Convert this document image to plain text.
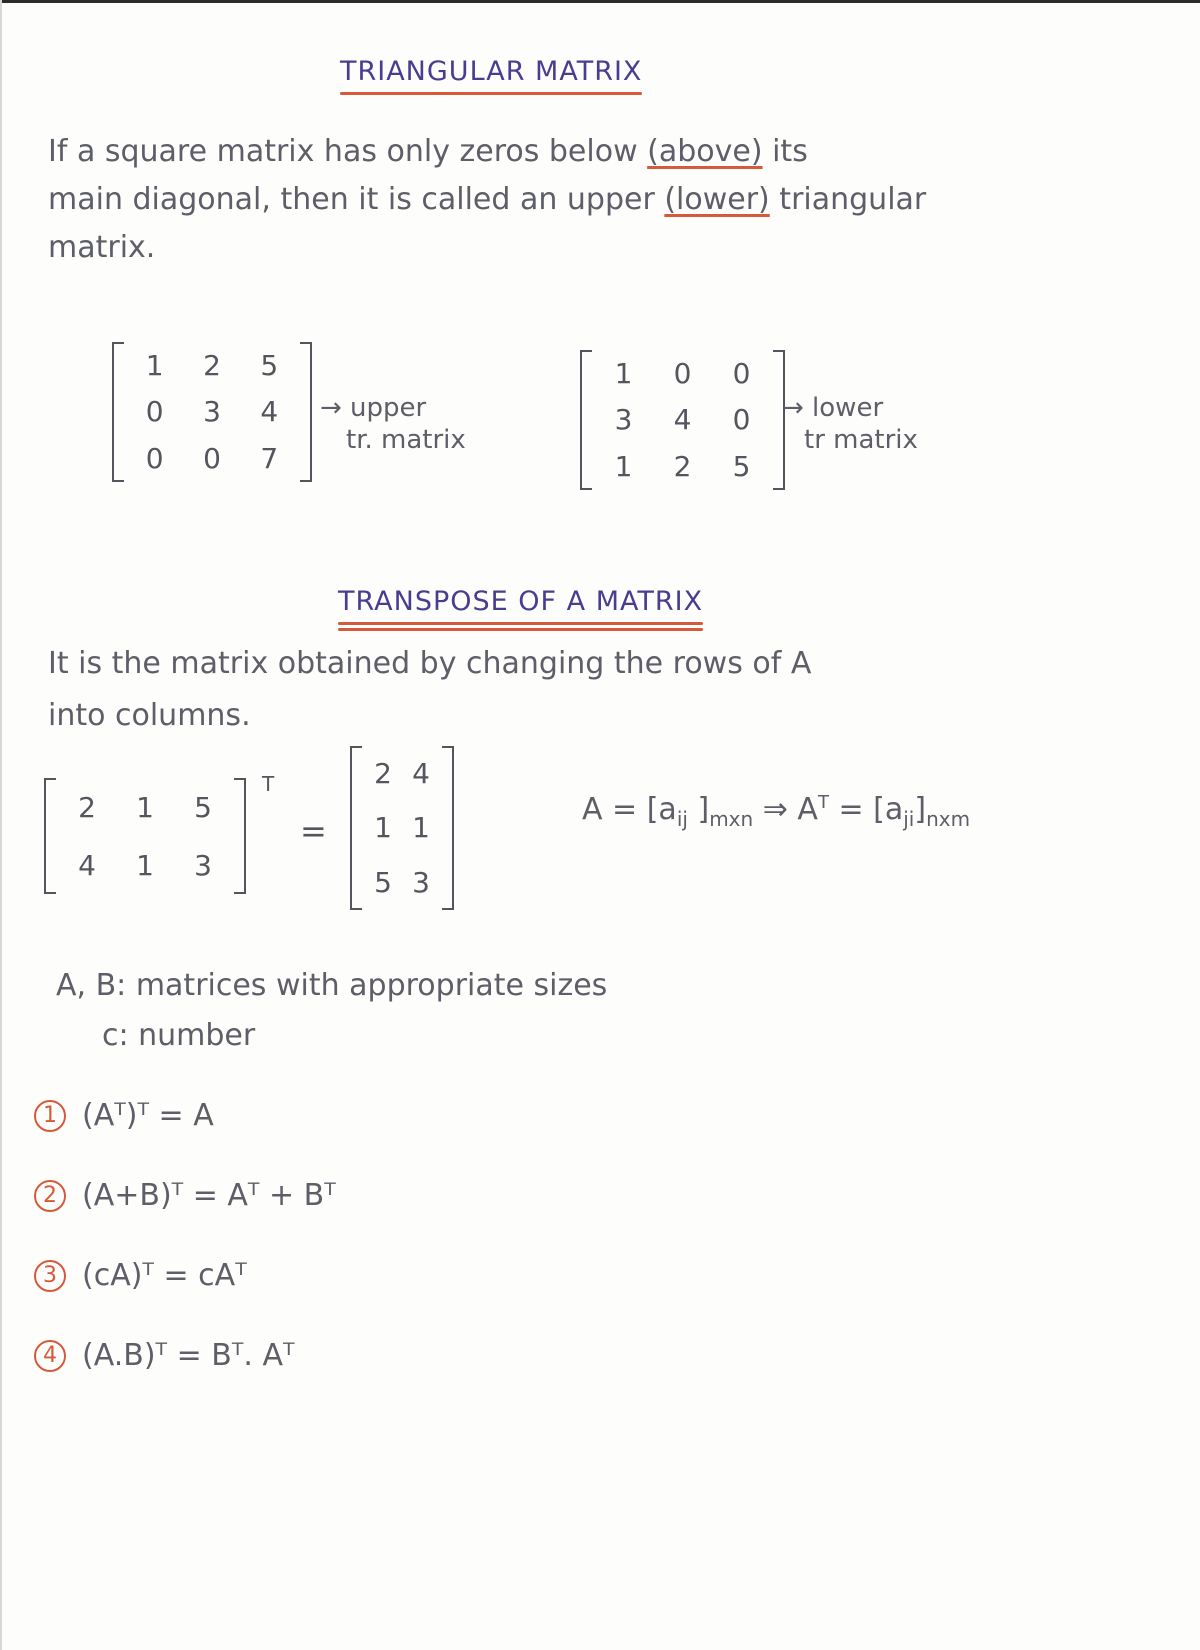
TRIANGULAR MATRIX
If a square matrix has only zeros below (above) its
main diagonal, then it is called an upper (lower) triangular
matrix.
1	2	5
0	3	4
0	0	7
→ upper
tr. matrix
1	0	0
3	4	0
1	2	5
→ lower
tr matrix
TRANSPOSE OF A MATRIX
It is the matrix obtained by changing the rows of A
into columns.
2	1	5
4	1	3
T
=
2 4
1 1
5 3
$A = [a_{ij}$ ]$_{mxn}$ ⇒ $A^T = [a_{ji}]_{nxm}$
A, B: matrices with appropriate sizes
c: number
1 (Aᵀ)ᵀ = A
2 (A+B)ᵀ = Aᵀ + Bᵀ
3 (cA)ᵀ = cAᵀ
4 (A.B)ᵀ = Bᵀ. Aᵀ
